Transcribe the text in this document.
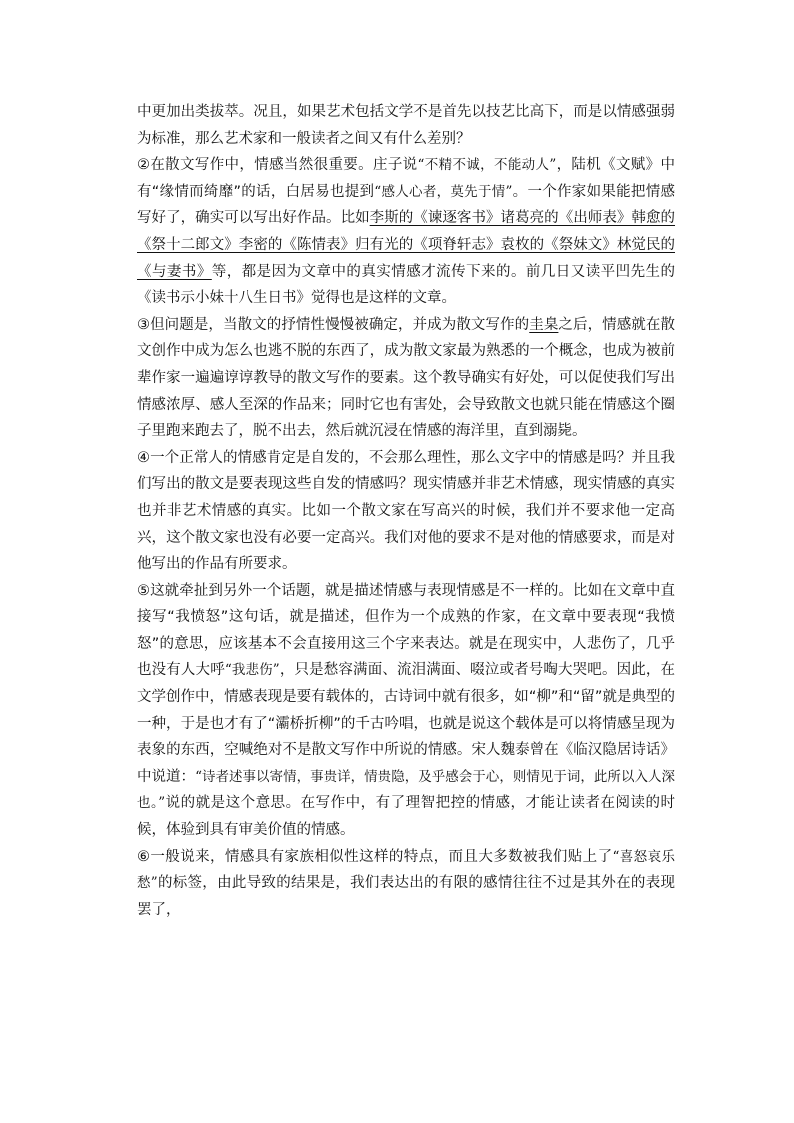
中更加出类拔萃。况且，如果艺术包括文学不是首先以技艺比高下，而是以情感强弱为标准，那么艺术家和一般读者之间又有什么差别？

②在散文写作中，情感当然很重要。庄子说“不精不诚，不能动人”，陆机《文赋》中有“缘情而绮靡”的话，白居易也提到“感人心者，莫先于情”。一个作家如果能把情感写好了，确实可以写出好作品。比如李斯的《谏逐客书》诸葛亮的《出师表》韩愈的《祭十二郎文》李密的《陈情表》归有光的《项脊轩志》袁枚的《祭妹文》林觉民的《与妻书》等，都是因为文章中的真实情感才流传下来的。前几日又读平凹先生的《读书示小妹十八生日书》觉得也是这样的文章。

③但问题是，当散文的抒情性慢慢被确定，并成为散文写作的圭臬之后，情感就在散文创作中成为怎么也逃不脱的东西了，成为散文家最为熟悉的一个概念，也成为被前辈作家一遍遍谆谆教导的散文写作的要素。这个教导确实有好处，可以促使我们写出情感浓厚、感人至深的作品来；同时它也有害处，会导致散文也就只能在情感这个圈子里跑来跑去了，脱不出去，然后就沉浸在情感的海洋里，直到溺毙。

④一个正常人的情感肯定是自发的，不会那么理性，那么文字中的情感是吗？并且我们写出的散文是要表现这些自发的情感吗？现实情感并非艺术情感，现实情感的真实也并非艺术情感的真实。比如一个散文家在写高兴的时候，我们并不要求他一定高兴，这个散文家也没有必要一定高兴。我们对他的要求不是对他的情感要求，而是对他写出的作品有所要求。

⑤这就牵扯到另外一个话题，就是描述情感与表现情感是不一样的。比如在文章中直接写“我愤怒”这句话，就是描述，但作为一个成熟的作家，在文章中要表现“我愤怒”的意思，应该基本不会直接用这三个字来表达。就是在现实中，人悲伤了，几乎也没有人大呼“我悲伤”，只是愁容满面、流泪满面、啜泣或者号啕大哭吧。因此，在文学创作中，情感表现是要有载体的，古诗词中就有很多，如“柳”和“留”就是典型的一种，于是也才有了“灞桥折柳”的千古吟唱，也就是说这个载体是可以将情感呈现为表象的东西，空喊绝对不是散文写作中所说的情感。宋人魏泰曾在《临汉隐居诗话》中说道：“诗者述事以寄情，事贵详，情贵隐，及乎感会于心，则情见于词，此所以入人深也。”说的就是这个意思。在写作中，有了理智把控的情感，才能让读者在阅读的时候，体验到具有审美价值的情感。

⑥一般说来，情感具有家族相似性这样的特点，而且大多数被我们贴上了“喜怒哀乐愁”的标签，由此导致的结果是，我们表达出的有限的感情往往不过是其外在的表现罢了，
